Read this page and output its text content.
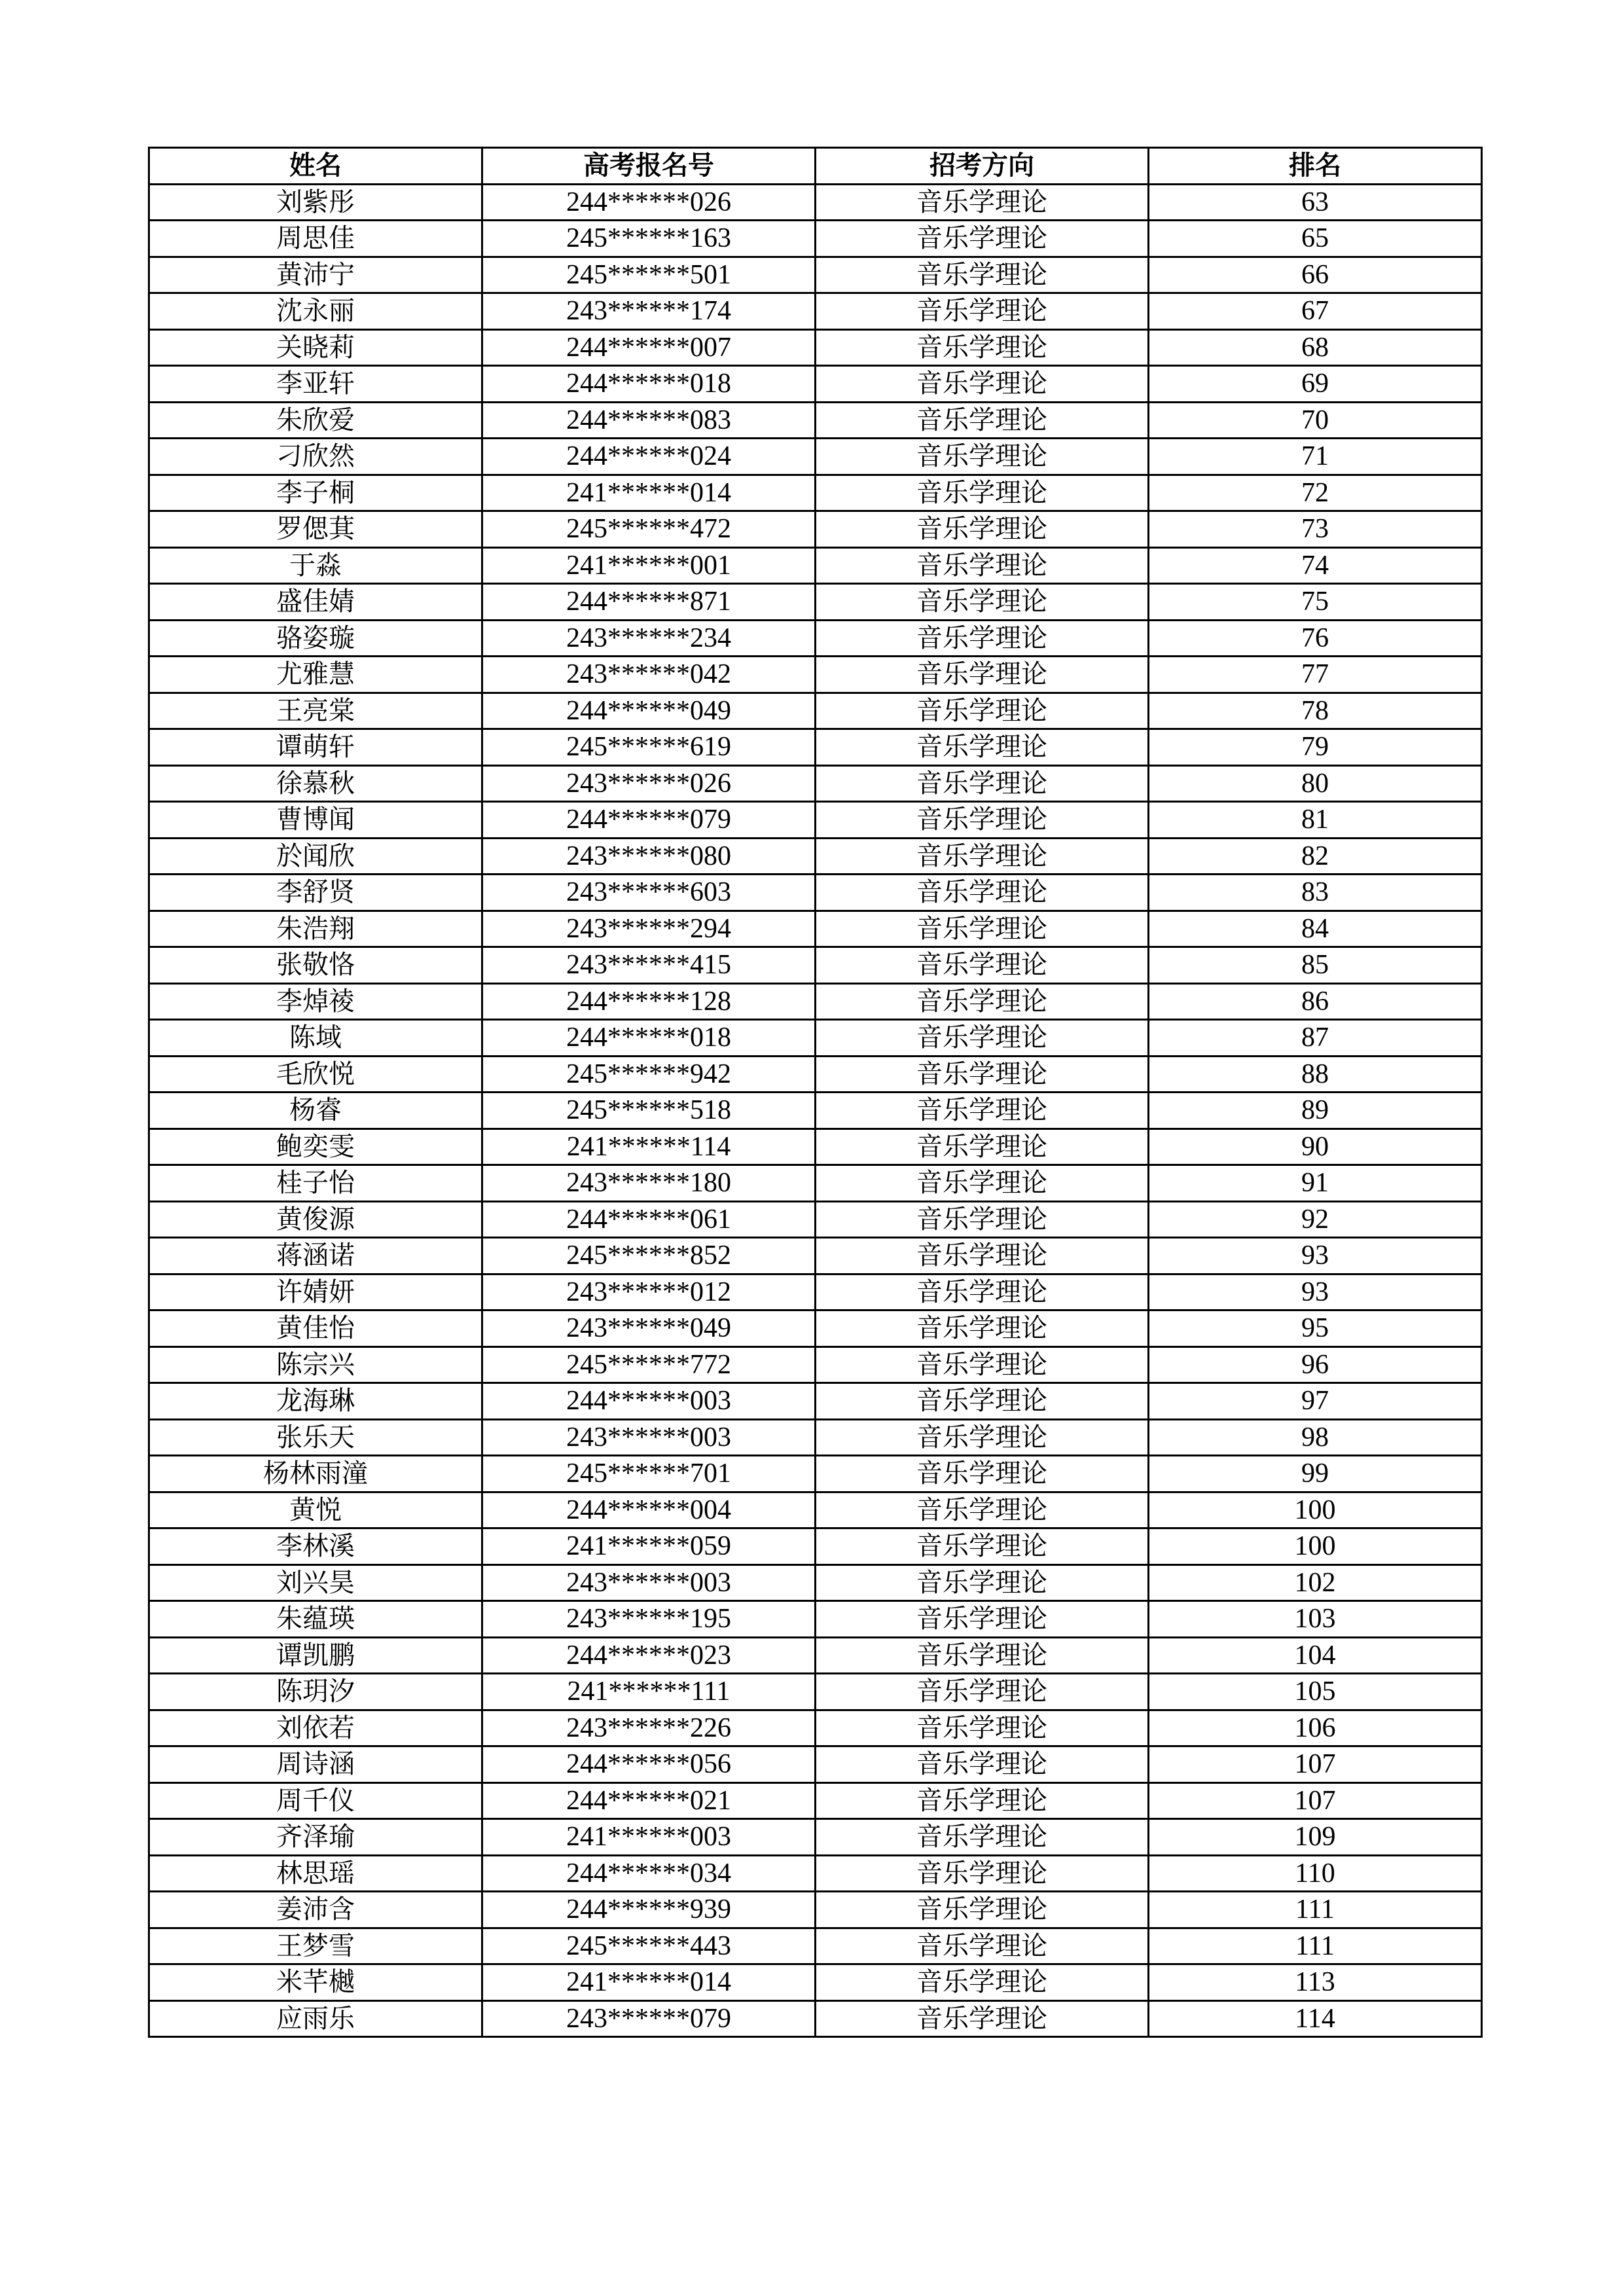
姓名	高考报名号	招考方向	排名
刘紫彤	244******026	音乐学理论	63
周思佳	245******163	音乐学理论	65
黄沛宁	245******501	音乐学理论	66
沈永丽	243******174	音乐学理论	67
关晓莉	244******007	音乐学理论	68
李亚轩	244******018	音乐学理论	69
朱欣爱	244******083	音乐学理论	70
刁欣然	244******024	音乐学理论	71
李子桐	241******014	音乐学理论	72
罗偲萁	245******472	音乐学理论	73
于淼	241******001	音乐学理论	74
盛佳婧	244******871	音乐学理论	75
骆姿璇	243******234	音乐学理论	76
尤雅慧	243******042	音乐学理论	77
王亮棠	244******049	音乐学理论	78
谭萌轩	245******619	音乐学理论	79
徐慕秋	243******026	音乐学理论	80
曹博闻	244******079	音乐学理论	81
於闻欣	243******080	音乐学理论	82
李舒贤	243******603	音乐学理论	83
朱浩翔	243******294	音乐学理论	84
张敬恪	243******415	音乐学理论	85
李焯祾	244******128	音乐学理论	86
陈域	244******018	音乐学理论	87
毛欣悦	245******942	音乐学理论	88
杨睿	245******518	音乐学理论	89
鲍奕雯	241******114	音乐学理论	90
桂子怡	243******180	音乐学理论	91
黄俊源	244******061	音乐学理论	92
蒋涵诺	245******852	音乐学理论	93
许婧妍	243******012	音乐学理论	93
黄佳怡	243******049	音乐学理论	95
陈宗兴	245******772	音乐学理论	96
龙海琳	244******003	音乐学理论	97
张乐天	243******003	音乐学理论	98
杨林雨潼	245******701	音乐学理论	99
黄悦	244******004	音乐学理论	100
李林溪	241******059	音乐学理论	100
刘兴昊	243******003	音乐学理论	102
朱蕴瑛	243******195	音乐学理论	103
谭凯鹏	244******023	音乐学理论	104
陈玥汐	241******111	音乐学理论	105
刘依若	243******226	音乐学理论	106
周诗涵	244******056	音乐学理论	107
周千仪	244******021	音乐学理论	107
齐泽瑜	241******003	音乐学理论	109
林思瑶	244******034	音乐学理论	110
姜沛含	244******939	音乐学理论	111
王梦雪	245******443	音乐学理论	111
米芊樾	241******014	音乐学理论	113
应雨乐	243******079	音乐学理论	114
